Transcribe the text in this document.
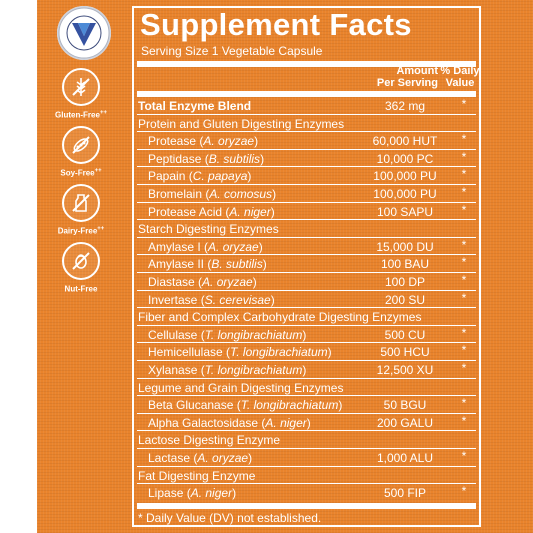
Gluten-Free++
Soy-Free++
Dairy-Free++
Nut-Free
Supplement Facts
Serving Size 1 Vegetable Capsule
Amount
Per Serving
% Daily
Value
Total Enzyme Blend	362 mg	*
Protein and Gluten Digesting Enzymes
Protease (A. oryzae)	60,000 HUT	*
Peptidase (B. subtilis)	10,000 PC	*
Papain (C. papaya)	100,000 PU	*
Bromelain (A. comosus)	100,000 PU	*
Protease Acid (A. niger)	100 SAPU	*
Starch Digesting Enzymes
Amylase I (A. oryzae)	15,000 DU	*
Amylase II (B. subtilis)	100 BAU	*
Diastase (A. oryzae)	100 DP	*
Invertase (S. cerevisae)	200 SU	*
Fiber and Complex Carbohydrate Digesting Enzymes
Cellulase (T. longibrachiatum)	500 CU	*
Hemicellulase (T. longibrachiatum)	500 HCU	*
Xylanase (T. longibrachiatum)	12,500 XU	*
Legume and Grain Digesting Enzymes
Beta Glucanase (T. longibrachiatum)	50 BGU	*
Alpha Galactosidase (A. niger)	200 GALU	*
Lactose Digesting Enzyme
Lactase (A. oryzae)	1,000 ALU	*
Fat Digesting Enzyme
Lipase (A. niger)	500 FIP	*
* Daily Value (DV) not established.
